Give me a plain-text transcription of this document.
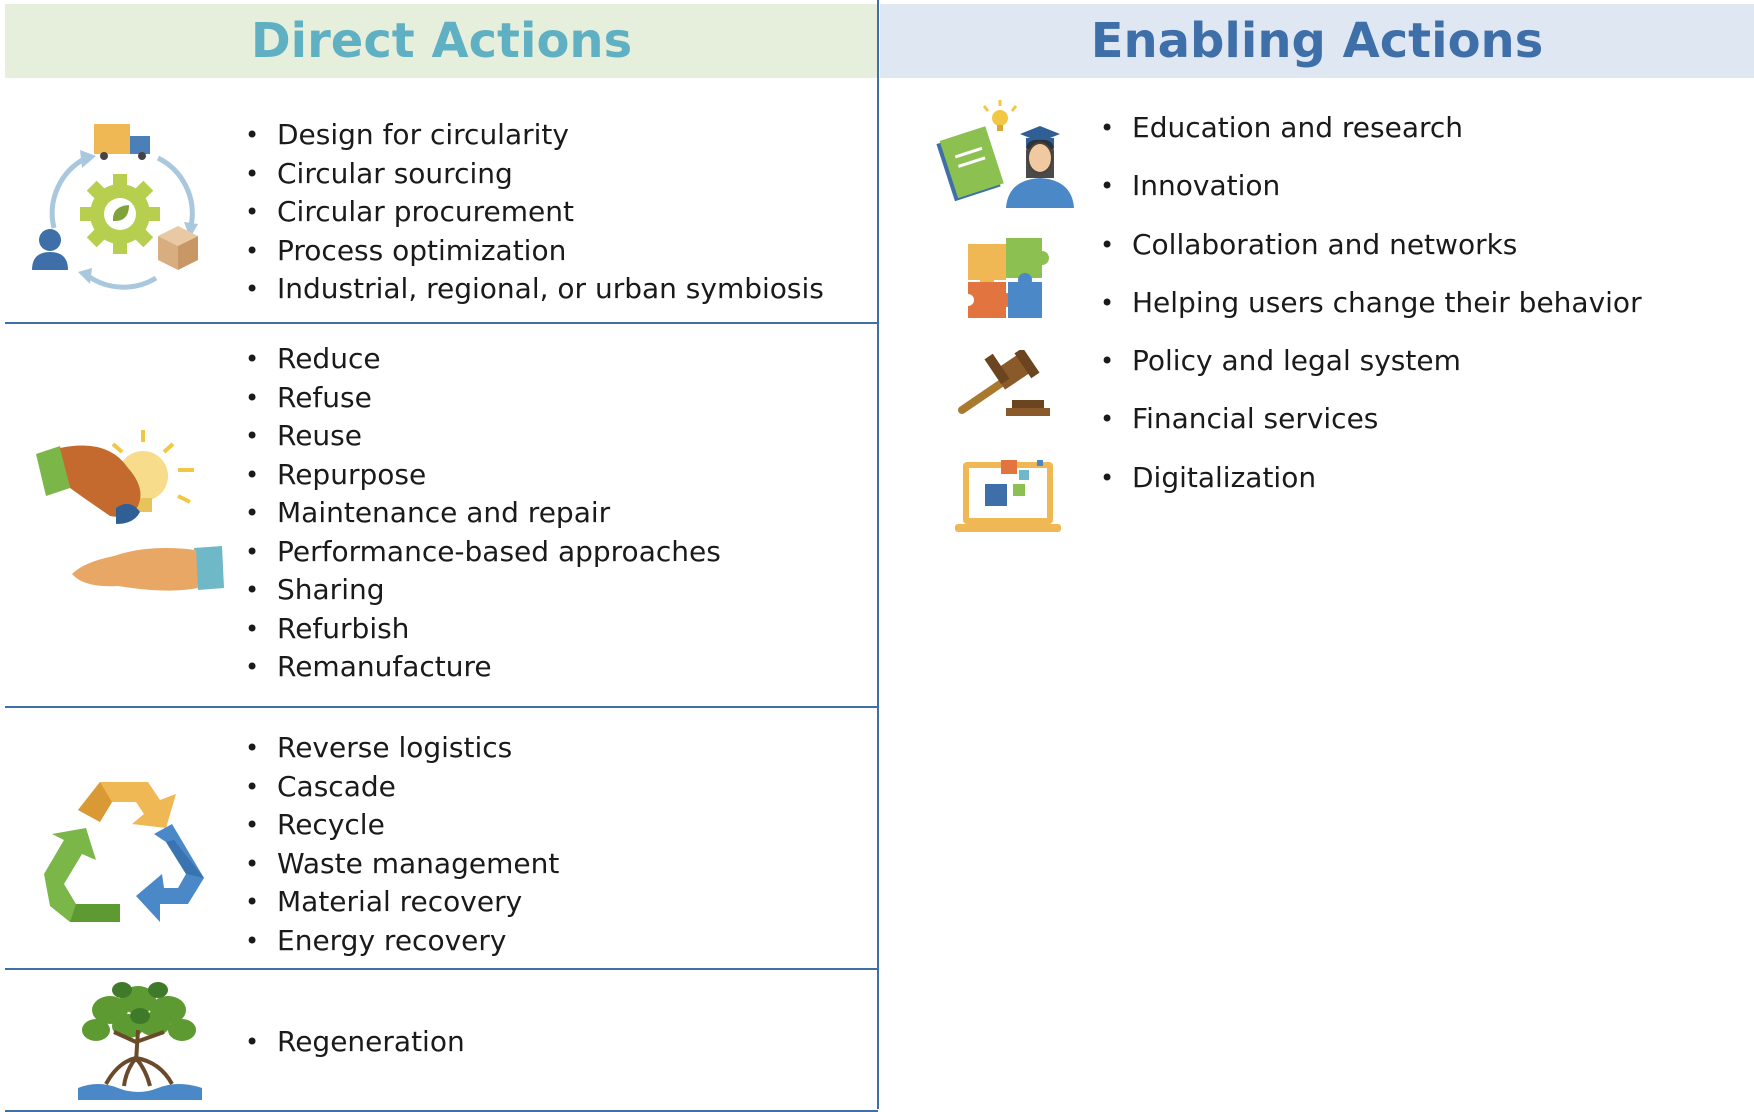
Direct Actions	Enabling Actions
• Design for circularity
• Circular sourcing
• Circular procurement
• Process optimization
• Industrial, regional, or urban symbiosis
• Reduce
• Refuse
• Reuse
• Repurpose
• Maintenance and repair
• Performance-based approaches
• Sharing
• Refurbish
• Remanufacture
• Reverse logistics
• Cascade
• Recycle
• Waste management
• Material recovery
• Energy recovery
• Regeneration
• Education and research
• Innovation
• Collaboration and networks
• Helping users change their behavior
• Policy and legal system
• Financial services
• Digitalization
